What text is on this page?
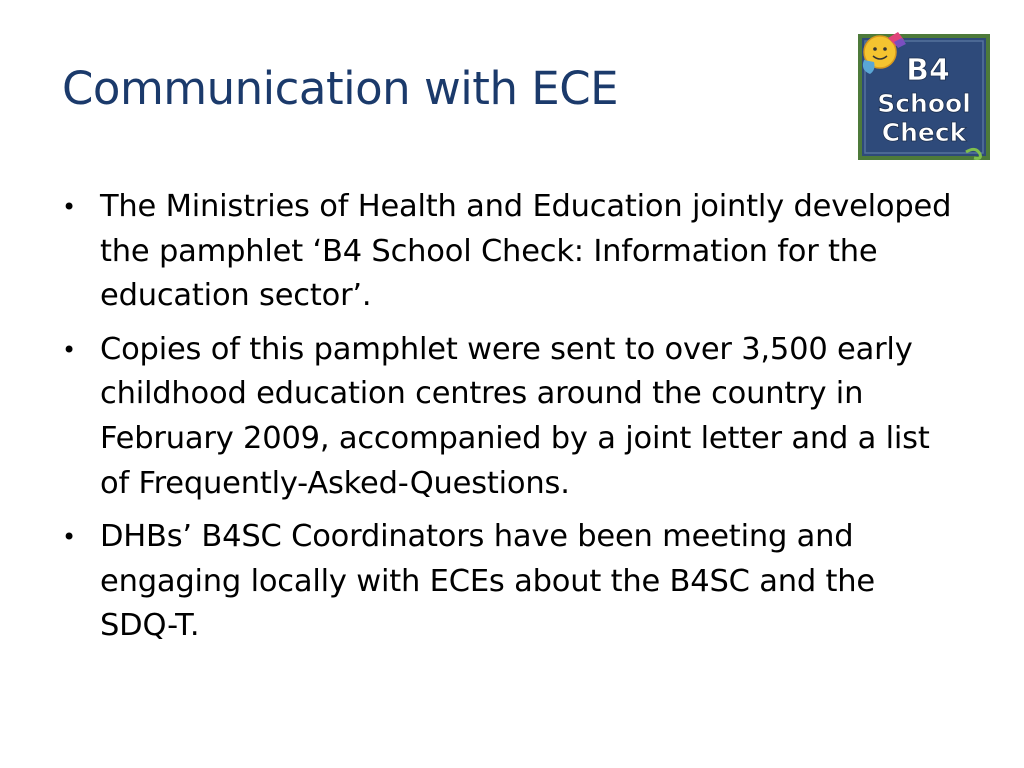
Communication with ECE	B4
School
Check
• The Ministries of Health and Education jointly developed the pamphlet ‘B4 School Check: Information for the education sector’.
• Copies of this pamphlet were sent to over 3,500 early childhood education centres around the country in February 2009, accompanied by a joint letter and a list of Frequently-Asked-Questions.
• DHBs’ B4SC Coordinators have been meeting and engaging locally with ECEs about the B4SC and the SDQ-T.
